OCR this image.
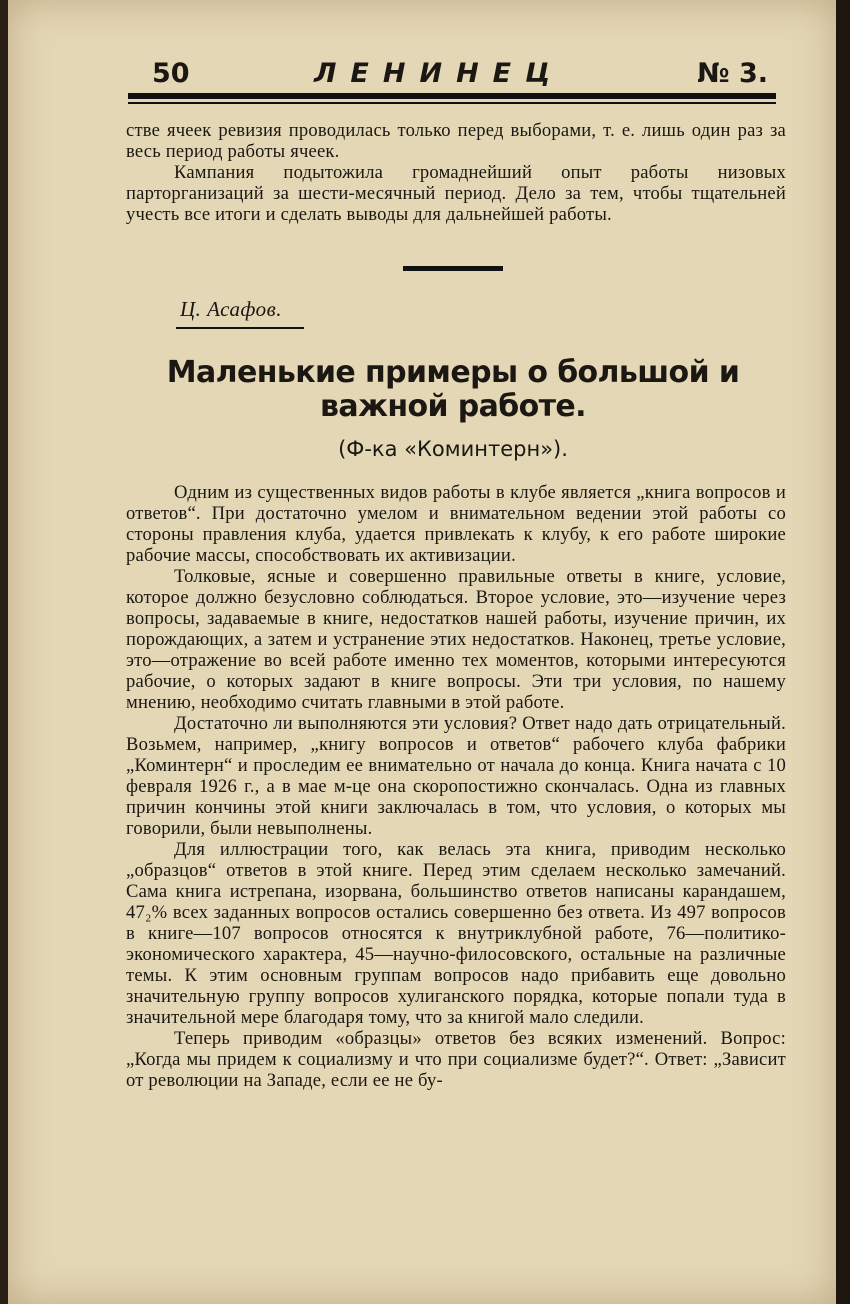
50	ЛЕНИНЕЦ	№ 3.

стве ячеек ревизия проводилась только перед выборами, т. е. лишь один раз за весь период работы ячеек.

Кампания подытожила громаднейший опыт работы низовых парторганизаций за шести-месячный период. Дело за тем, чтобы тщательней учесть все итоги и сделать выводы для дальнейшей работы.

Ц. Асафов.
Маленькие примеры о большой и важной работе.
(Ф-ка «Коминтерн»).

Одним из существенных видов работы в клубе является „книга вопросов и ответов“. При достаточно умелом и внимательном ведении этой работы со стороны правления клуба, удается привлекать к клубу, к его работе широкие рабочие массы, способствовать их активизации.

Толковые, ясные и совершенно правильные ответы в книге, условие, которое должно безусловно соблюдаться. Второе условие, это—изучение через вопросы, задаваемые в книге, недостатков нашей работы, изучение причин, их порождающих, а затем и устранение этих недостатков. Наконец, третье условие, это—отражение во всей работе именно тех моментов, которыми интересуются рабочие, о которых задают в книге вопросы. Эти три условия, по нашему мнению, необходимо считать главными в этой работе.

Достаточно ли выполняются эти условия? Ответ надо дать отрицательный. Возьмем, например, „книгу вопросов и ответов“ рабочего клуба фабрики „Коминтерн“ и проследим ее внимательно от начала до конца. Книга начата с 10 февраля 1926 г., а в мае м-це она скоропостижно скончалась. Одна из главных причин кончины этой книги заключалась в том, что условия, о которых мы говорили, были невыполнены.

Для иллюстрации того, как велась эта книга, приводим несколько „образцов“ ответов в этой книге. Перед этим сделаем несколько замечаний. Сама книга истрепана, изорвана, большинство ответов написаны карандашем, 47₂% всех заданных вопросов остались совершенно без ответа. Из 497 вопросов в книге—107 вопросов относятся к внутриклубной работе, 76—политико-экономического характера, 45—научно-филосовского, остальные на различные темы. К этим основным группам вопросов надо прибавить еще довольно значительную группу вопросов хулиганского порядка, которые попали туда в значительной мере благодаря тому, что за книгой мало следили.

Теперь приводим «образцы» ответов без всяких изменений. Вопрос: „Когда мы придем к социализму и что при социализме будет?“. Ответ: „Зависит от революции на Западе, если ее не бу-
